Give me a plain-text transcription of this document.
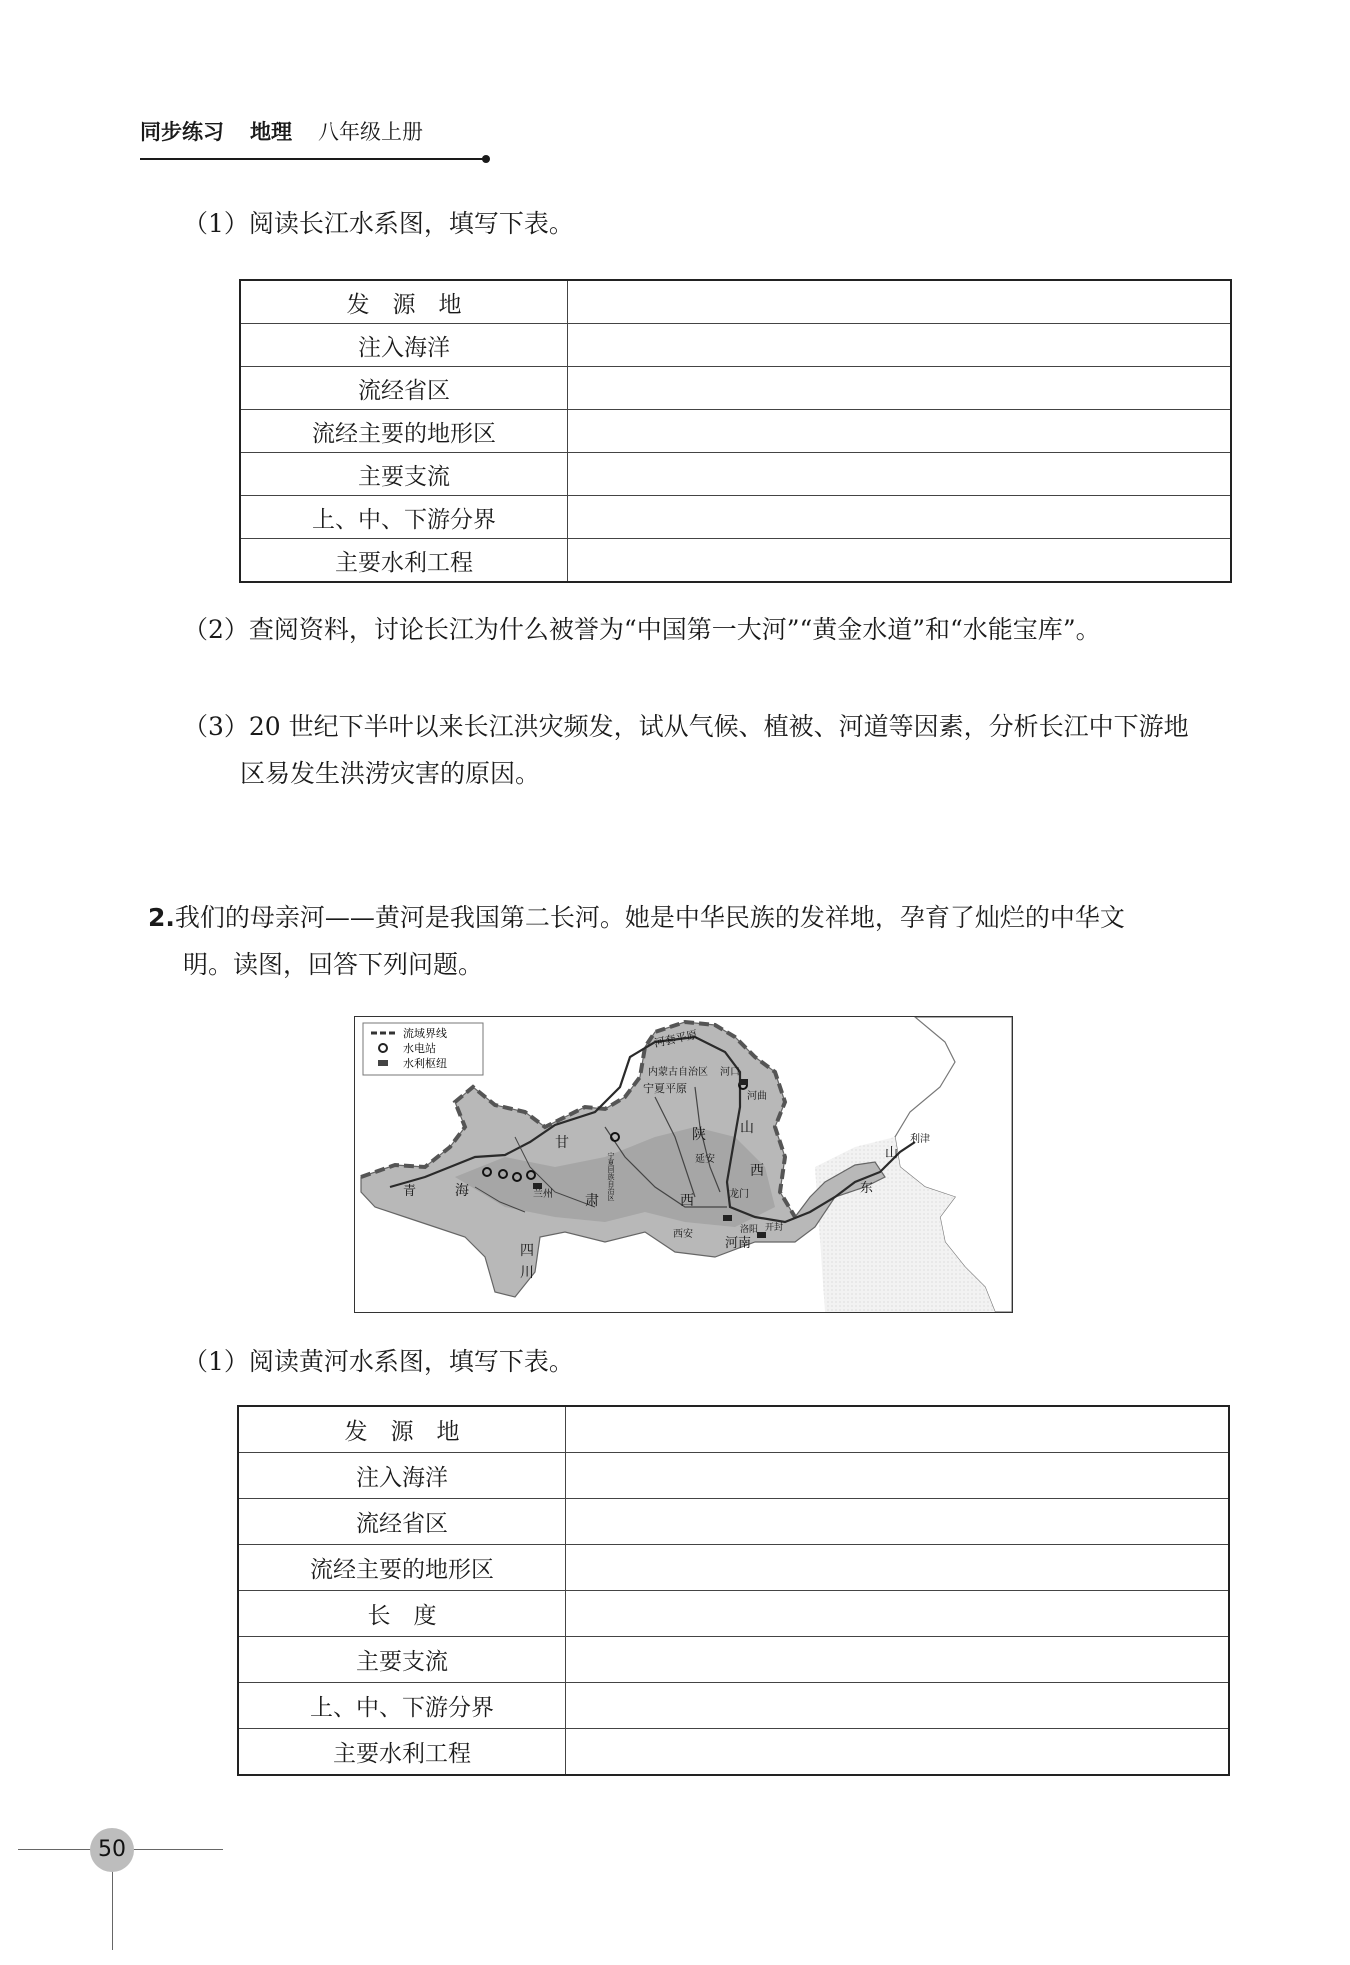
同步练习 地理 八年级上册
（1）阅读长江水系图，填写下表。
发　源　地	
注入海洋	
流经省区	
流经主要的地形区	
主要支流	
上、中、下游分界	
主要水利工程	
（2）查阅资料，讨论长江为什么被誉为“中国第一大河”“黄金水道”和“水能宝库”。
（3）20 世纪下半叶以来长江洪灾频发，试从气候、植被、河道等因素，分析长江中下游地
区易发生洪涝灾害的原因。
2.我们的母亲河——黄河是我国第二长河。她是中华民族的发祥地，孕育了灿烂的中华文
明。读图，回答下列问题。
流域界线
水电站
水利枢纽
河套平原
内蒙古自治区 河口
宁夏平原
河曲
甘	陕 山
西
宁夏回族自治区	延安
青	海	兰州 肃	西	龙门
西安
四
川
河南
洛阳 开封
山
东
利津
（1）阅读黄河水系图，填写下表。
发　源　地	
注入海洋	
流经省区	
流经主要的地形区	
长　度	
主要支流	
上、中、下游分界	
主要水利工程	
50
